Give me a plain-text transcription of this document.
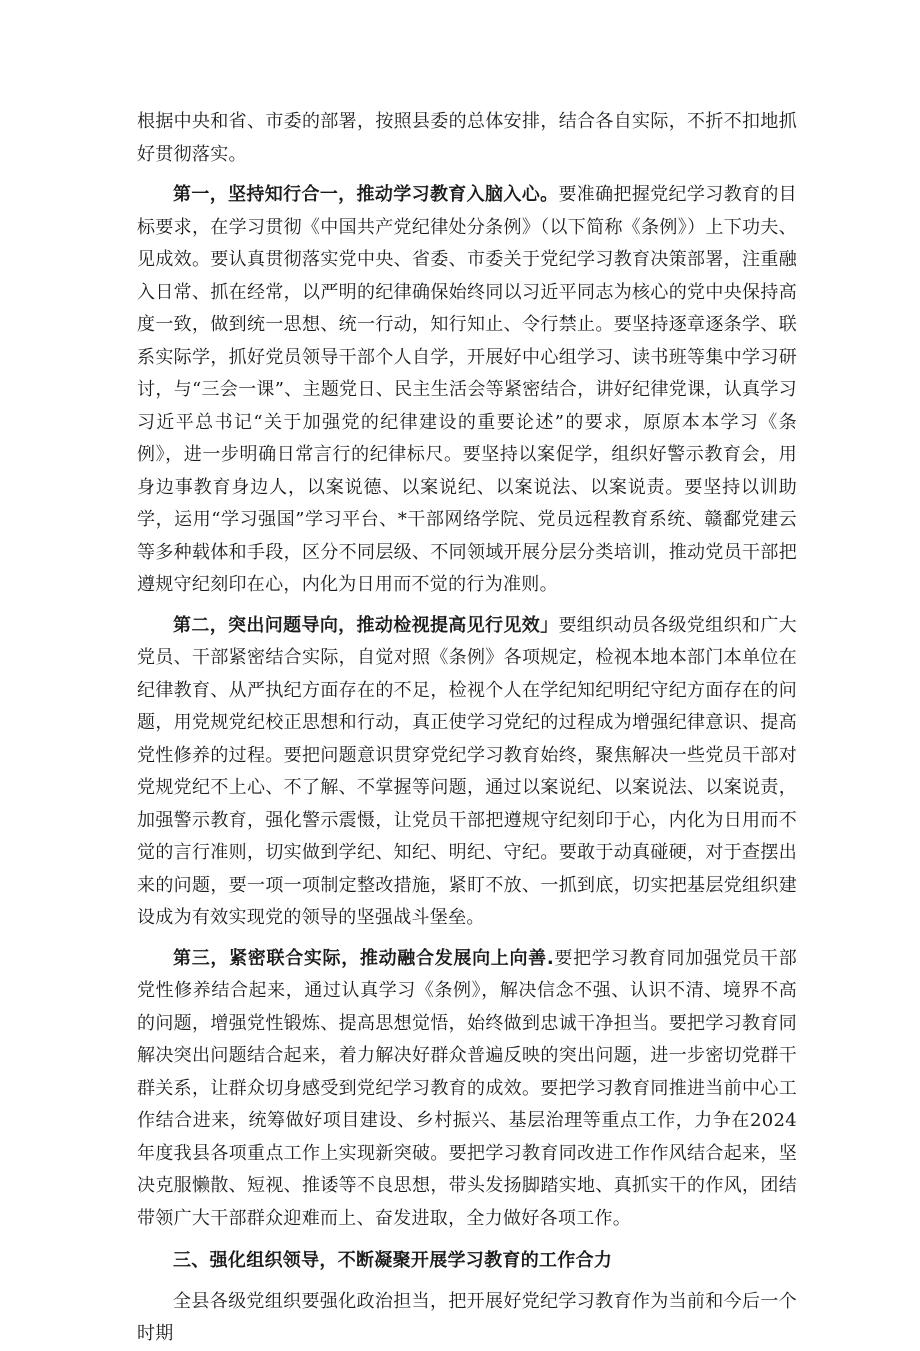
根据中央和省、市委的部署，按照县委的总体安排，结合各自实际，不折不扣地抓好贯彻落实。

第一，坚持知行合一，推动学习教育入脑入心。要准确把握党纪学习教育的目标要求，在学习贯彻《中国共产党纪律处分条例》（以下简称《条例》）上下功夫、见成效。要认真贯彻落实党中央、省委、市委关于党纪学习教育决策部署，注重融入日常、抓在经常，以严明的纪律确保始终同以习近平同志为核心的党中央保持高度一致，做到统一思想、统一行动，知行知止、令行禁止。要坚持逐章逐条学、联系实际学，抓好党员领导干部个人自学，开展好中心组学习、读书班等集中学习研讨，与“三会一课”、主题党日、民主生活会等紧密结合，讲好纪律党课，认真学习习近平总书记“关于加强党的纪律建设的重要论述”的要求，原原本本学习《条例》，进一步明确日常言行的纪律标尺。要坚持以案促学，组织好警示教育会，用身边事教育身边人，以案说德、以案说纪、以案说法、以案说责。要坚持以训助学，运用“学习强国”学习平台、*干部网络学院、党员远程教育系统、赣鄱党建云等多种载体和手段，区分不同层级、不同领域开展分层分类培训，推动党员干部把遵规守纪刻印在心，内化为日用而不觉的行为准则。

第二，突出问题导向，推动检视提高见行见效」要组织动员各级党组织和广大党员、干部紧密结合实际，自觉对照《条例》各项规定，检视本地本部门本单位在纪律教育、从严执纪方面存在的不足，检视个人在学纪知纪明纪守纪方面存在的问题，用党规党纪校正思想和行动，真正使学习党纪的过程成为增强纪律意识、提高党性修养的过程。要把问题意识贯穿党纪学习教育始终，聚焦解决一些党员干部对党规党纪不上心、不了解、不掌握等问题，通过以案说纪、以案说法、以案说责，加强警示教育，强化警示震慑，让党员干部把遵规守纪刻印于心，内化为日用而不觉的言行准则，切实做到学纪、知纪、明纪、守纪。要敢于动真碰硬，对于查摆出来的问题，要一项一项制定整改措施，紧盯不放、一抓到底，切实把基层党组织建设成为有效实现党的领导的坚强战斗堡垒。

第三，紧密联合实际，推动融合发展向上向善.要把学习教育同加强党员干部党性修养结合起来，通过认真学习《条例》，解决信念不强、认识不清、境界不高的问题，增强党性锻炼、提高思想觉悟，始终做到忠诚干净担当。要把学习教育同解决突出问题结合起来，着力解决好群众普遍反映的突出问题，进一步密切党群干群关系，让群众切身感受到党纪学习教育的成效。要把学习教育同推进当前中心工作结合进来，统筹做好项目建设、乡村振兴、基层治理等重点工作，力争在2024年度我县各项重点工作上实现新突破。要把学习教育同改进工作作风结合起来，坚决克服懒散、短视、推诿等不良思想，带头发扬脚踏实地、真抓实干的作风，团结带领广大干部群众迎难而上、奋发进取，全力做好各项工作。

三、强化组织领导，不断凝聚开展学习教育的工作合力

全县各级党组织要强化政治担当，把开展好党纪学习教育作为当前和今后一个时期
